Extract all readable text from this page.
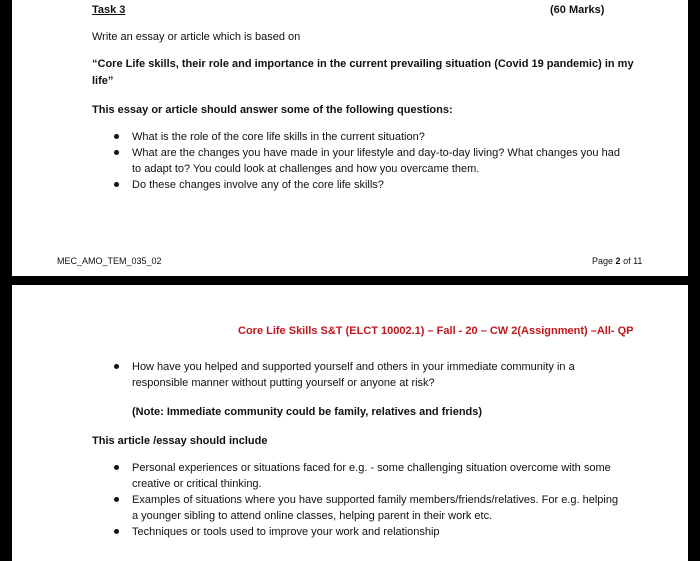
Task 3	(60 Marks)
Write an essay or article which is based on
“Core Life skills, their role and importance in the current prevailing situation (Covid 19 pandemic) in my
life”
This essay or article should answer some of the following questions:
What is the role of the core life skills in the current situation?
What are the changes you have made in your lifestyle and day-to-day living? What changes you had to adapt to? You could look at challenges and how you overcame them.
Do these changes involve any of the core life skills?
MEC_AMO_TEM_035_02	Page 2 of 11
Core Life Skills S&T (ELCT 10002.1) – Fall - 20 – CW 2(Assignment) –All- QP
How have you helped and supported yourself and others in your immediate community in a responsible manner without putting yourself or anyone at risk?
(Note: Immediate community could be family, relatives and friends)
This article /essay should include
Personal experiences or situations faced for e.g. - some challenging situation overcome with some creative or critical thinking.
Examples of situations where you have supported family members/friends/relatives. For e.g. helping a younger sibling to attend online classes, helping parent in their work etc.
Techniques or tools used to improve your work and relationship
